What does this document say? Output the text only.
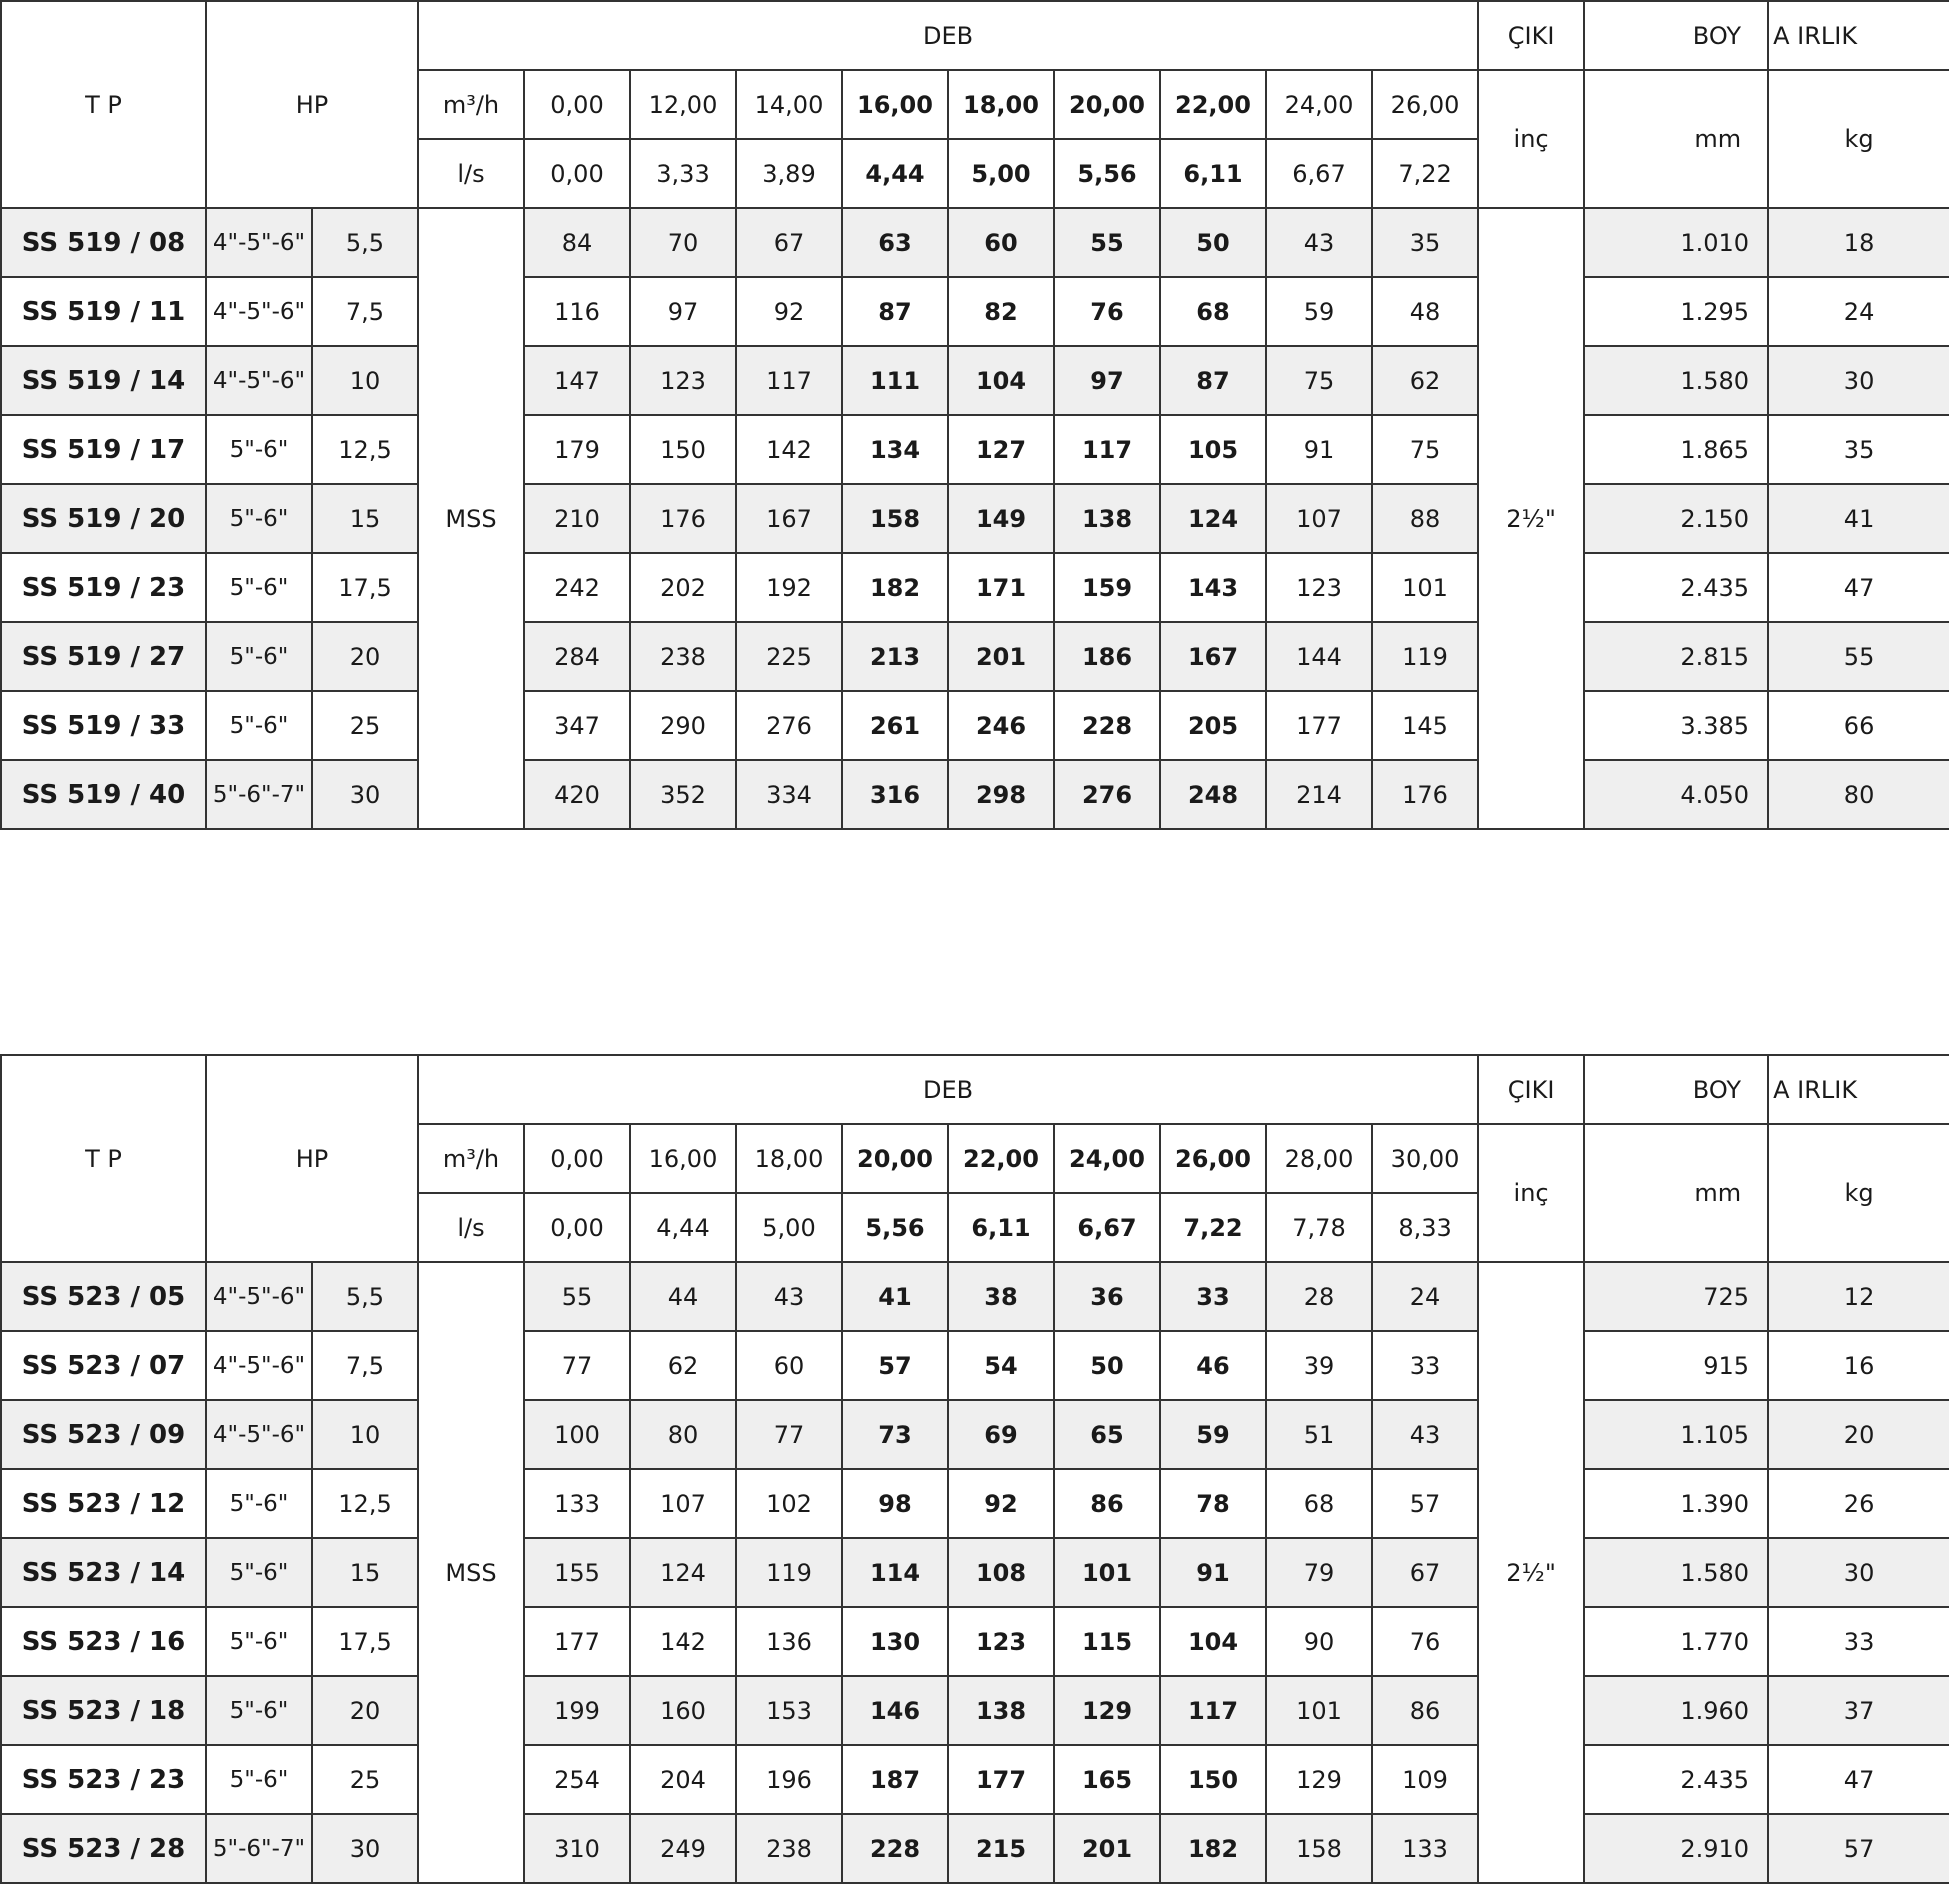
T P	HP		DEB										ÇIKI	BOY	A IRLIK
			m³/h	0,00	12,00	14,00	16,00	18,00	20,00	22,00	24,00	26,00	inç	mm	kg
			l/s	0,00	3,33	3,89	4,44	5,00	5,56	6,11	6,67	7,22			
SS 519 / 08	4"-5"-6"	5,5	MSS	84	70	67	63	60	55	50	43	35	2½"	1.010	18
SS 519 / 11	4"-5"-6"	7,5		116	97	92	87	82	76	68	59	48		1.295	24
SS 519 / 14	4"-5"-6"	10		147	123	117	111	104	97	87	75	62		1.580	30
SS 519 / 17	5"-6"	12,5		179	150	142	134	127	117	105	91	75		1.865	35
SS 519 / 20	5"-6"	15		210	176	167	158	149	138	124	107	88		2.150	41
SS 519 / 23	5"-6"	17,5		242	202	192	182	171	159	143	123	101		2.435	47
SS 519 / 27	5"-6"	20		284	238	225	213	201	186	167	144	119		2.815	55
SS 519 / 33	5"-6"	25		347	290	276	261	246	228	205	177	145		3.385	66
SS 519 / 40	5"-6"-7"	30		420	352	334	316	298	276	248	214	176		4.050	80
T P	HP		DEB										ÇIKI	BOY	A IRLIK
			m³/h	0,00	16,00	18,00	20,00	22,00	24,00	26,00	28,00	30,00	inç	mm	kg
			l/s	0,00	4,44	5,00	5,56	6,11	6,67	7,22	7,78	8,33			
SS 523 / 05	4"-5"-6"	5,5	MSS	55	44	43	41	38	36	33	28	24	2½"	725	12
SS 523 / 07	4"-5"-6"	7,5		77	62	60	57	54	50	46	39	33		915	16
SS 523 / 09	4"-5"-6"	10		100	80	77	73	69	65	59	51	43		1.105	20
SS 523 / 12	5"-6"	12,5		133	107	102	98	92	86	78	68	57		1.390	26
SS 523 / 14	5"-6"	15		155	124	119	114	108	101	91	79	67		1.580	30
SS 523 / 16	5"-6"	17,5		177	142	136	130	123	115	104	90	76		1.770	33
SS 523 / 18	5"-6"	20		199	160	153	146	138	129	117	101	86		1.960	37
SS 523 / 23	5"-6"	25		254	204	196	187	177	165	150	129	109		2.435	47
SS 523 / 28	5"-6"-7"	30		310	249	238	228	215	201	182	158	133		2.910	57
